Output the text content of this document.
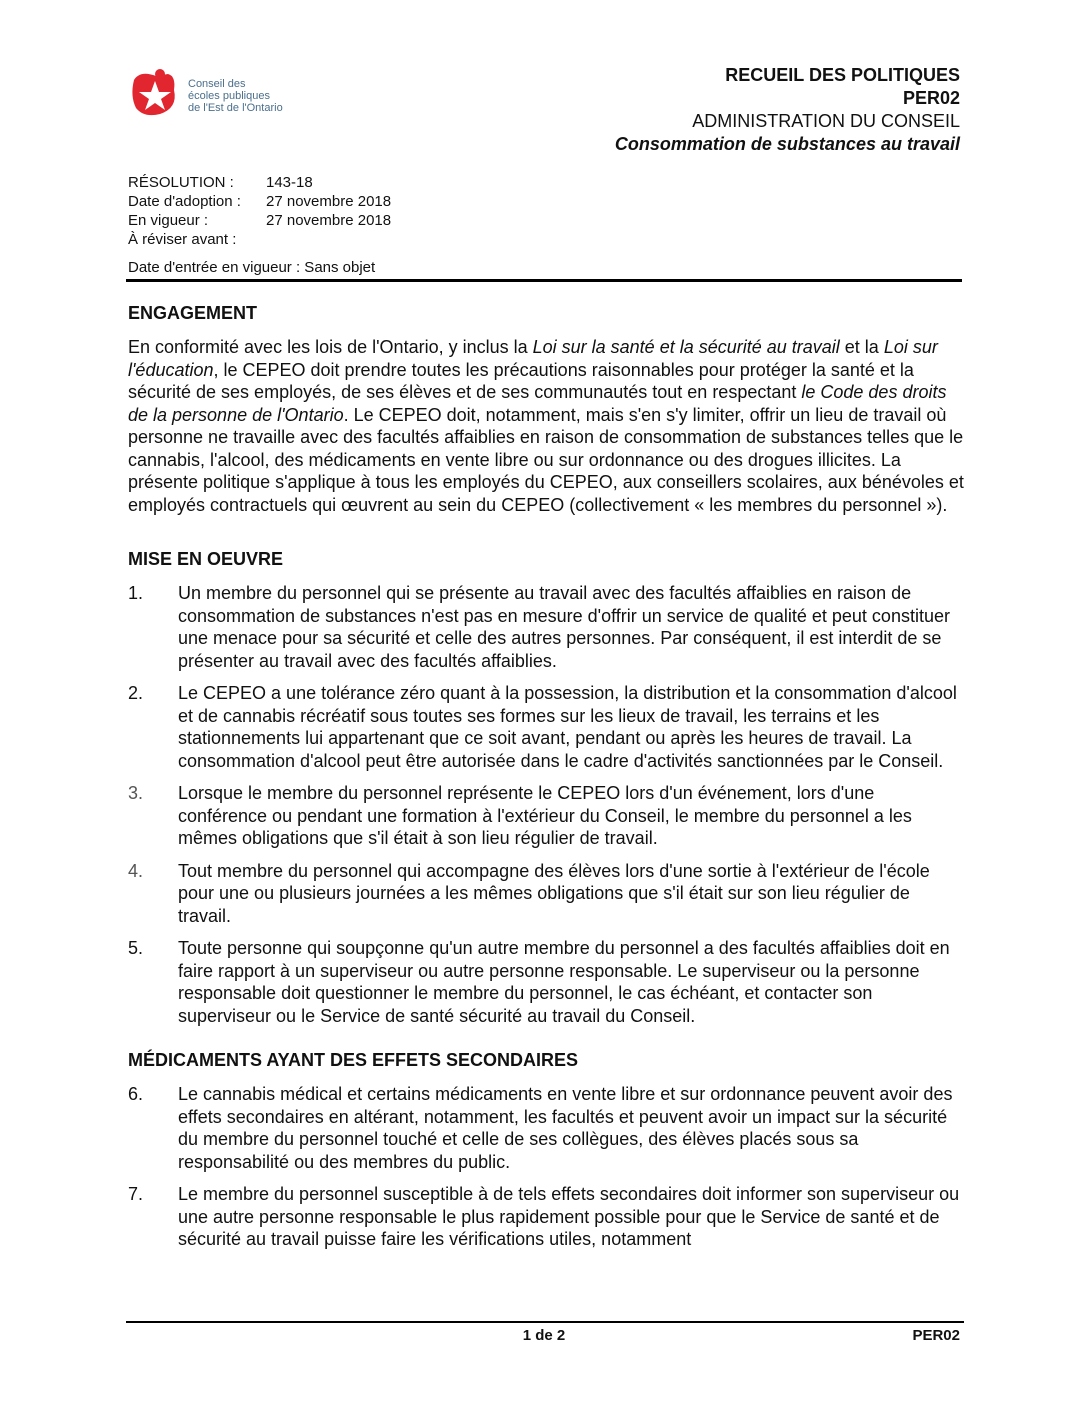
Conseil des
écoles publiques
de l'Est de l'Ontario
RECUEIL DES POLITIQUES
PER02
ADMINISTRATION DU CONSEIL
Consommation de substances au travail
RÉSOLUTION :	143-18
Date d'adoption :	27 novembre 2018
En vigueur :	27 novembre 2018
À réviser avant :
Date d'entrée en vigueur : Sans objet
ENGAGEMENT

En conformité avec les lois de l'Ontario, y inclus la Loi sur la santé et la sécurité au travail et la Loi sur l'éducation, le CEPEO doit prendre toutes les précautions raisonnables pour protéger la santé et la sécurité de ses employés, de ses élèves et de ses communautés tout en respectant le Code des droits de la personne de l'Ontario. Le CEPEO doit, notamment, mais s'en s'y limiter, offrir un lieu de travail où personne ne travaille avec des facultés affaiblies en raison de consommation de substances telles que le cannabis, l'alcool, des médicaments en vente libre ou sur ordonnance ou des drogues illicites. La présente politique s'applique à tous les employés du CEPEO, aux conseillers scolaires, aux bénévoles et employés contractuels qui œuvrent au sein du CEPEO (collectivement « les membres du personnel »).

MISE EN OEUVRE
1.	Un membre du personnel qui se présente au travail avec des facultés affaiblies en raison de consommation de substances n'est pas en mesure d'offrir un service de qualité et peut constituer une menace pour sa sécurité et celle des autres personnes. Par conséquent, il est interdit de se présenter au travail avec des facultés affaiblies.
2.	Le CEPEO a une tolérance zéro quant à la possession, la distribution et la consommation d'alcool et de cannabis récréatif sous toutes ses formes sur les lieux de travail, les terrains et les stationnements lui appartenant que ce soit avant, pendant ou après les heures de travail. La consommation d'alcool peut être autorisée dans le cadre d'activités sanctionnées par le Conseil.
3.	Lorsque le membre du personnel représente le CEPEO lors d'un événement, lors d'une conférence ou pendant une formation à l'extérieur du Conseil, le membre du personnel a les mêmes obligations que s'il était à son lieu régulier de travail.
4.	Tout membre du personnel qui accompagne des élèves lors d'une sortie à l'extérieur de l'école pour une ou plusieurs journées a les mêmes obligations que s'il était sur son lieu régulier de travail.
5.	Toute personne qui soupçonne qu'un autre membre du personnel a des facultés affaiblies doit en faire rapport à un superviseur ou autre personne responsable. Le superviseur ou la personne responsable doit questionner le membre du personnel, le cas échéant, et contacter son superviseur ou le Service de santé sécurité au travail du Conseil.
MÉDICAMENTS AYANT DES EFFETS SECONDAIRES
6.	Le cannabis médical et certains médicaments en vente libre et sur ordonnance peuvent avoir des effets secondaires en altérant, notamment, les facultés et peuvent avoir un impact sur la sécurité du membre du personnel touché et celle de ses collègues, des élèves placés sous sa responsabilité ou des membres du public.
7.	Le membre du personnel susceptible à de tels effets secondaires doit informer son superviseur ou une autre personne responsable le plus rapidement possible pour que le Service de santé et de sécurité au travail puisse faire les vérifications utiles, notamment
1 de 2	PER02
